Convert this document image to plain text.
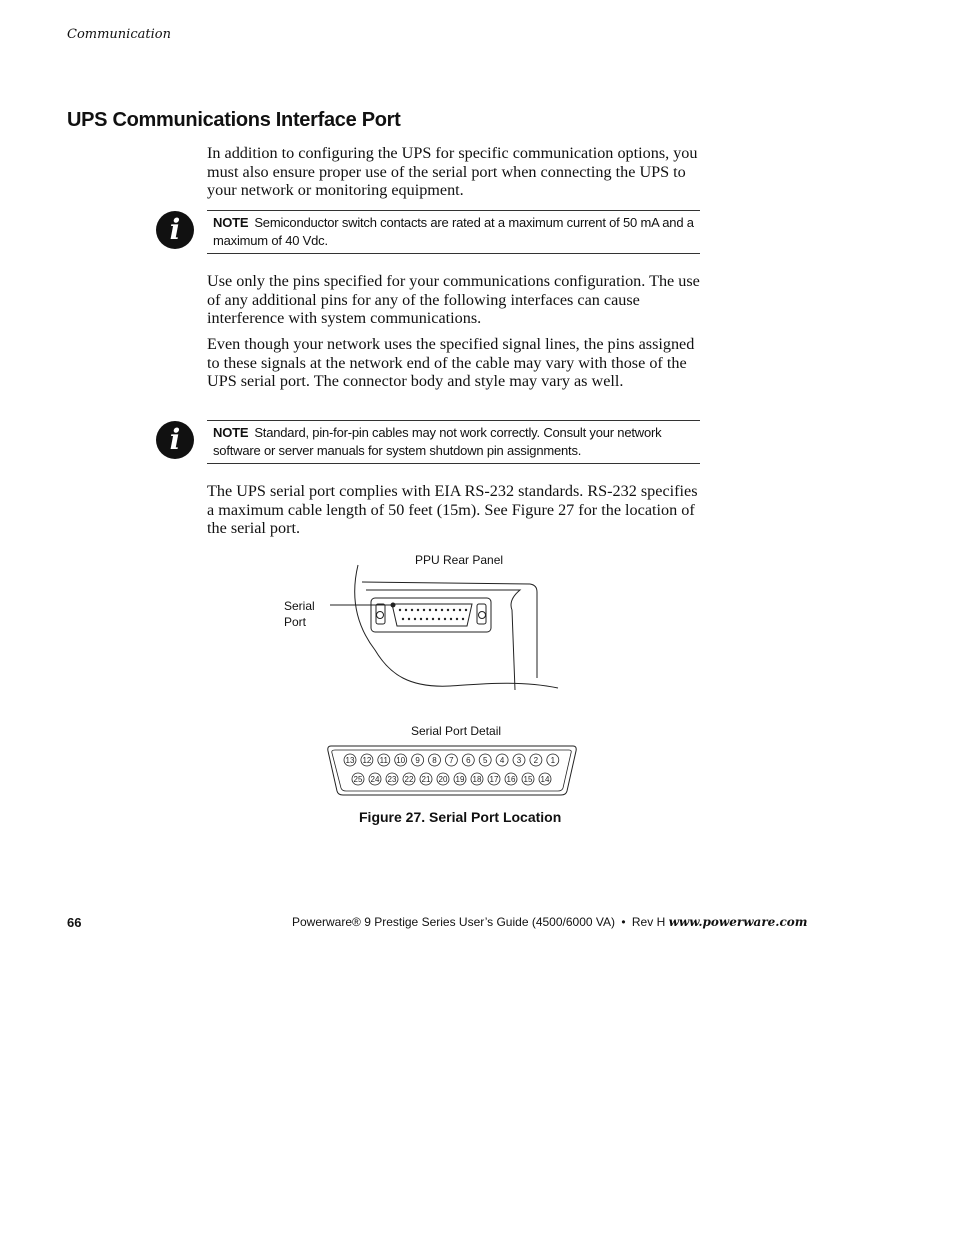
Communication
UPS Communications Interface Port
In addition to configuring the UPS for specific communication options, you must also ensure proper use of the serial port when connecting the UPS to your network or monitoring equipment.
i	NOTE Semiconductor switch contacts are rated at a maximum current of 50 mA and a maximum of 40 Vdc.
Use only the pins specified for your communications configuration. The use of any additional pins for any of the following interfaces can cause interference with system communications.
Even though your network uses the specified signal lines, the pins assigned to these signals at the network end of the cable may vary with those of the UPS serial port. The connector body and style may vary as well.
i	NOTE Standard, pin-for-pin cables may not work correctly. Consult your network software or server manuals for system shutdown pin assignments.
The UPS serial port complies with EIA RS-232 standards. RS-232 specifies a maximum cable length of 50 feet (15m). See Figure 27 for the location of the serial port.
PPU Rear Panel
Serial
Port
Serial Port Detail
13 12 11 10 9 8 7 6 5 4 3 2 1
25 24 23 22 21 20 19 18 17 16 15 14
Figure 27. Serial Port Location
66	Powerware® 9 Prestige Series User’s Guide (4500/6000 VA) • Rev H www.powerware.com
